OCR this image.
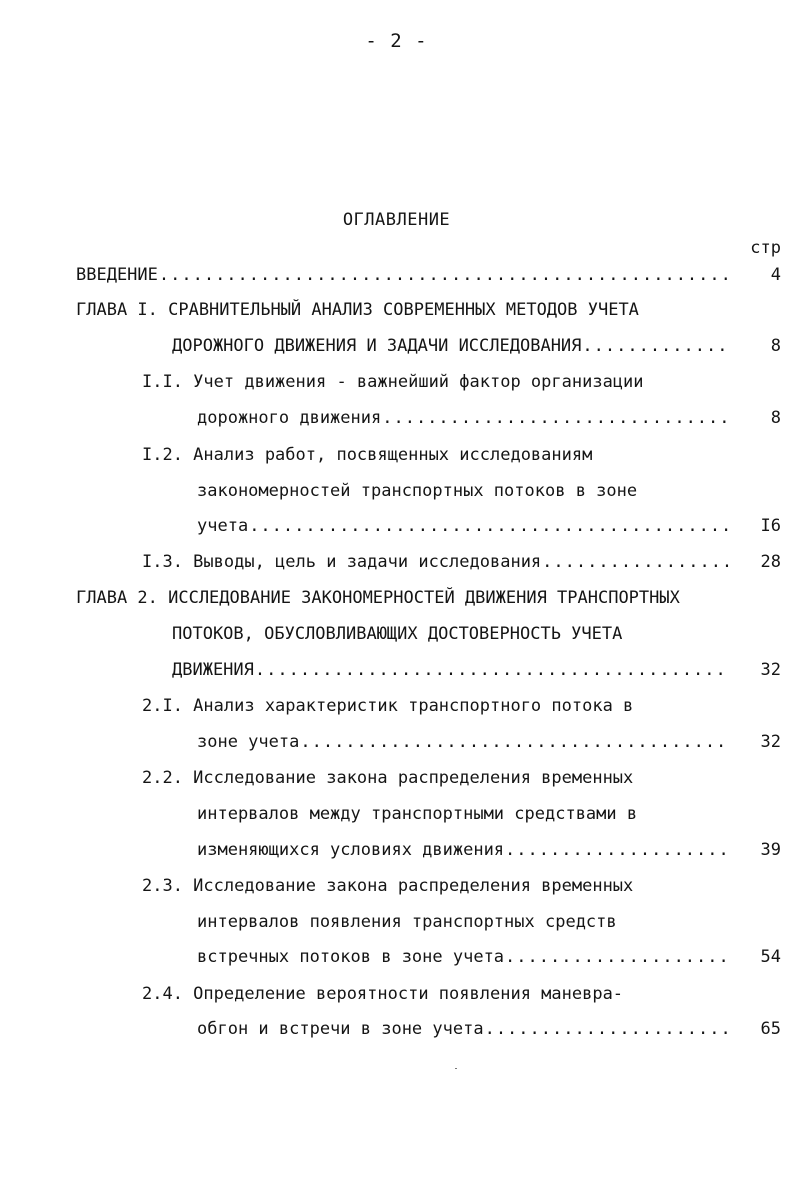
- 2 -
ОГЛАВЛЕНИЕ
стр
ВВЕДЕНИЕ .....	4
ГЛАВА I. СРАВНИТЕЛЬНЫЙ АНАЛИЗ СОВРЕМЕННЫХ МЕТОДОВ УЧЕТА
ДОРОЖНОГО ДВИЖЕНИЯ И ЗАДАЧИ ИССЛЕДОВАНИЯ .....	8
I.I. Учет движения - важнейший фактор организации
дорожного движения .....	8
I.2. Анализ работ, посвященных исследованиям
закономерностей транспортных потоков в зоне
учета .....	I6
I.3. Выводы, цель и задачи исследования .....	28
ГЛАВА 2. ИССЛЕДОВАНИЕ ЗАКОНОМЕРНОСТЕЙ ДВИЖЕНИЯ ТРАНСПОРТНЫХ
ПОТОКОВ, ОБУСЛОВЛИВАЮЩИХ ДОСТОВЕРНОСТЬ УЧЕТА
ДВИЖЕНИЯ .....	32
2.I. Анализ характеристик транспортного потока в
зоне учета .....	32
2.2. Исследование закона распределения временных
интервалов между транспортными средствами в
изменяющихся условиях движения .....	39
2.3. Исследование закона распределения временных
интервалов появления транспортных средств
встречных потоков в зоне учета .....	54
2.4. Определение вероятности появления маневра-
обгон и встречи в зоне учета .....	65
